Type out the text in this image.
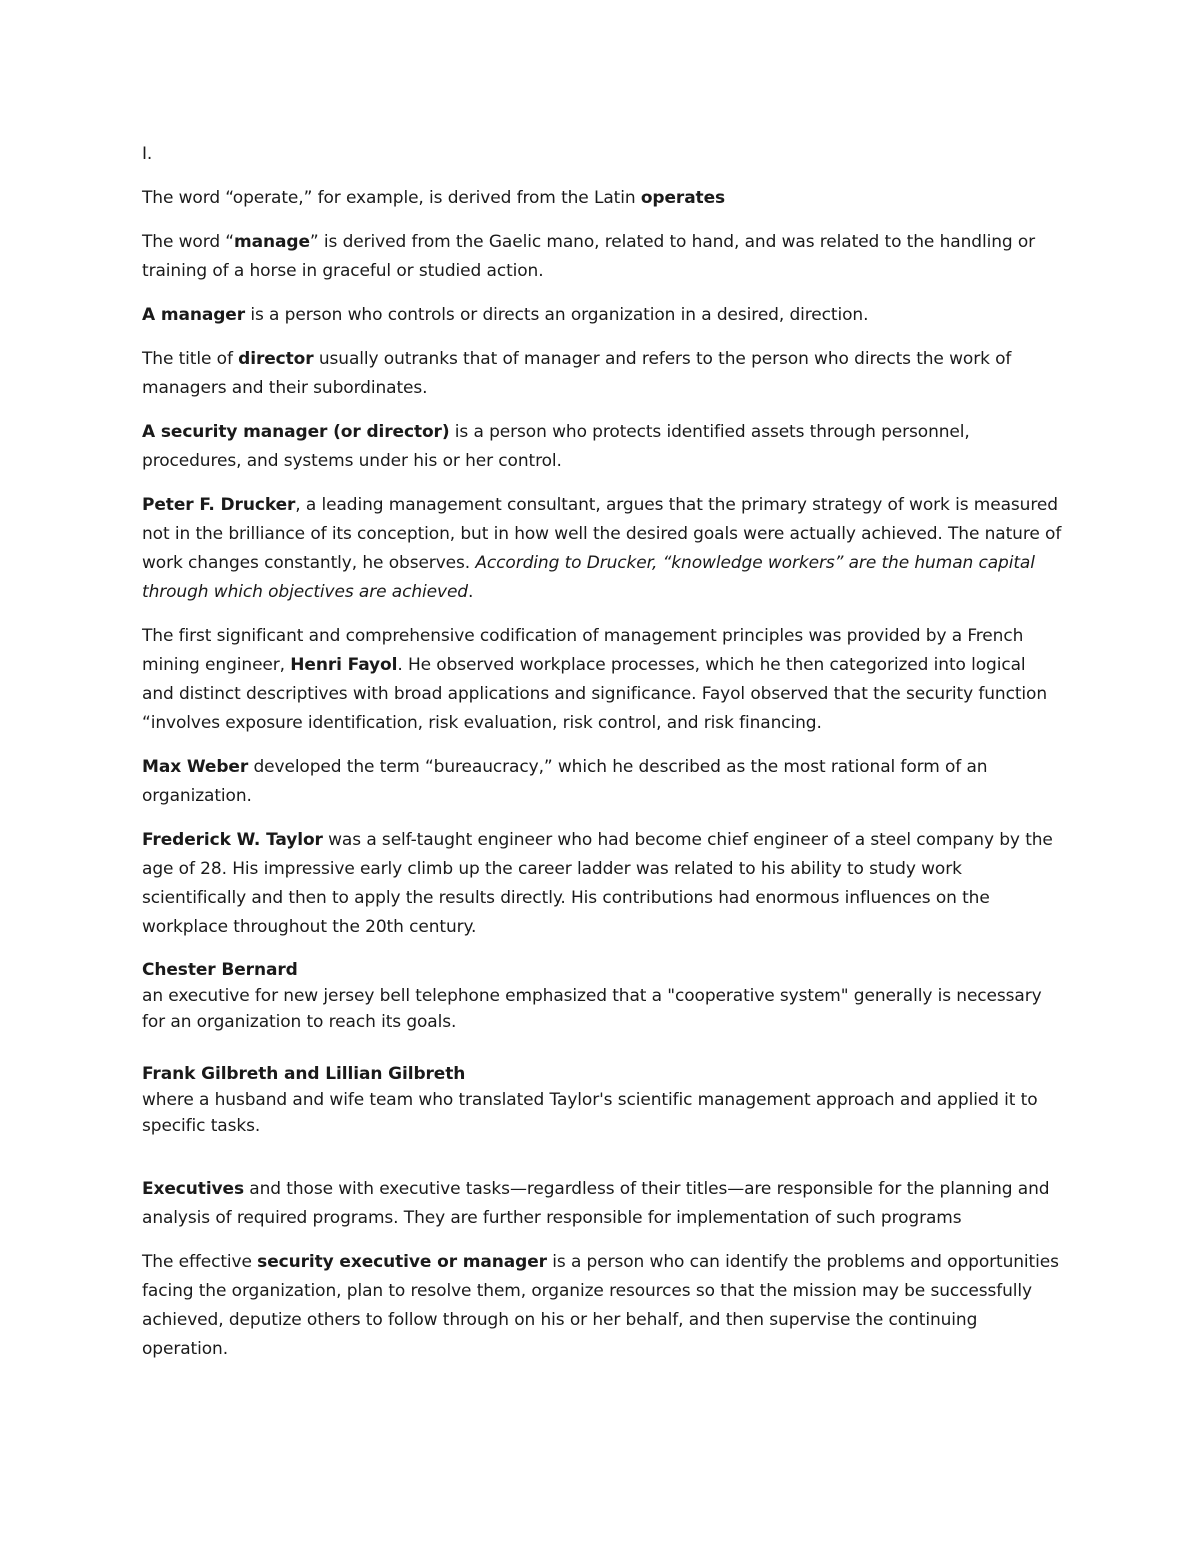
I.

The word “operate,” for example, is derived from the Latin operates

The word “manage” is derived from the Gaelic mano, related to hand, and was related to the handling or training of a horse in graceful or studied action.

A manager is a person who controls or directs an organization in a desired, direction.

The title of director usually outranks that of manager and refers to the person who directs the work of managers and their subordinates.

A security manager (or director) is a person who protects identified assets through personnel, procedures, and systems under his or her control.

Peter F. Drucker, a leading management consultant, argues that the primary strategy of work is measured not in the brilliance of its conception, but in how well the desired goals were actually achieved. The nature of work changes constantly, he observes. According to Drucker, “knowledge workers” are the human capital through which objectives are achieved.

The first significant and comprehensive codification of management principles was provided by a French mining engineer, Henri Fayol. He observed workplace processes, which he then categorized into logical and distinct descriptives with broad applications and significance. Fayol observed that the security function “involves exposure identification, risk evaluation, risk control, and risk financing.

Max Weber developed the term “bureaucracy,” which he described as the most rational form of an organization.

Frederick W. Taylor was a self-taught engineer who had become chief engineer of a steel company by the age of 28. His impressive early climb up the career ladder was related to his ability to study work scientifically and then to apply the results directly. His contributions had enormous influences on the workplace throughout the 20th century.

Chester Bernard
an executive for new jersey bell telephone emphasized that a "cooperative system" generally is necessary for an organization to reach its goals.

Frank Gilbreth and Lillian Gilbreth
where a husband and wife team who translated Taylor's scientific management approach and applied it to specific tasks.

Executives and those with executive tasks—regardless of their titles—are responsible for the planning and analysis of required programs. They are further responsible for implementation of such programs

The effective security executive or manager is a person who can identify the problems and opportunities facing the organization, plan to resolve them, organize resources so that the mission may be successfully achieved, deputize others to follow through on his or her behalf, and then supervise the continuing operation.
